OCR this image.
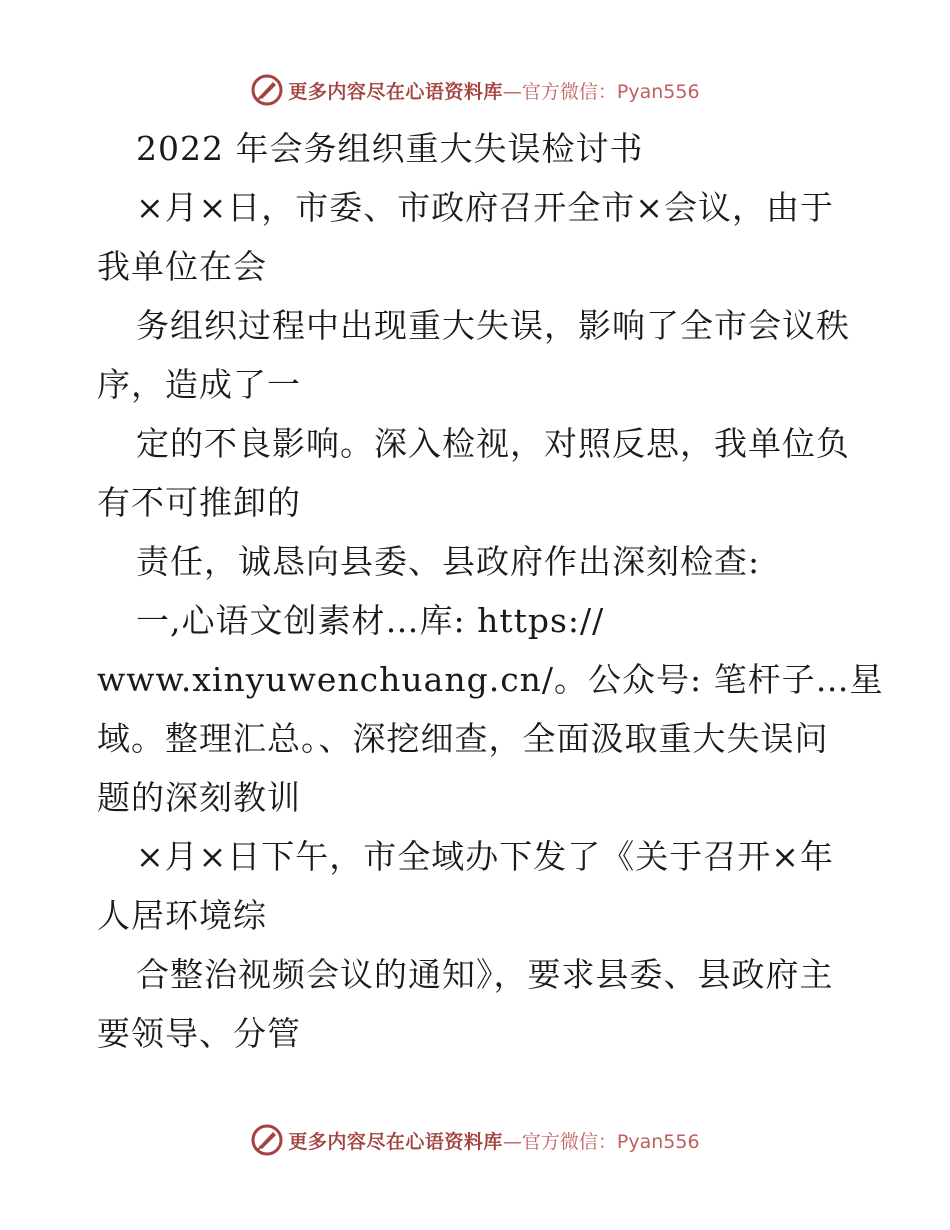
更多内容尽在心语资料库 —官方微信：Pyan556
2022 年会务组织重大失误检讨书
×月×日，市委、市政府召开全市×会议，由于
我单位在会
务组织过程中出现重大失误，影响了全市会议秩
序，造成了一
定的不良影响。深入检视，对照反思，我单位负
有不可推卸的
责任，诚恳向县委、县政府作出深刻检查:
一,心语文创素材…库: https://
www.xinyuwenchuang.cn/。公众号: 笔杆子…星
域。整理汇总。、深挖细查，全面汲取重大失误问
题的深刻教训
×月×日下午，市全域办下发了《关于召开×年
人居环境综
合整治视频会议的通知》，要求县委、县政府主
要领导、分管
更多内容尽在心语资料库 —官方微信：Pyan556
